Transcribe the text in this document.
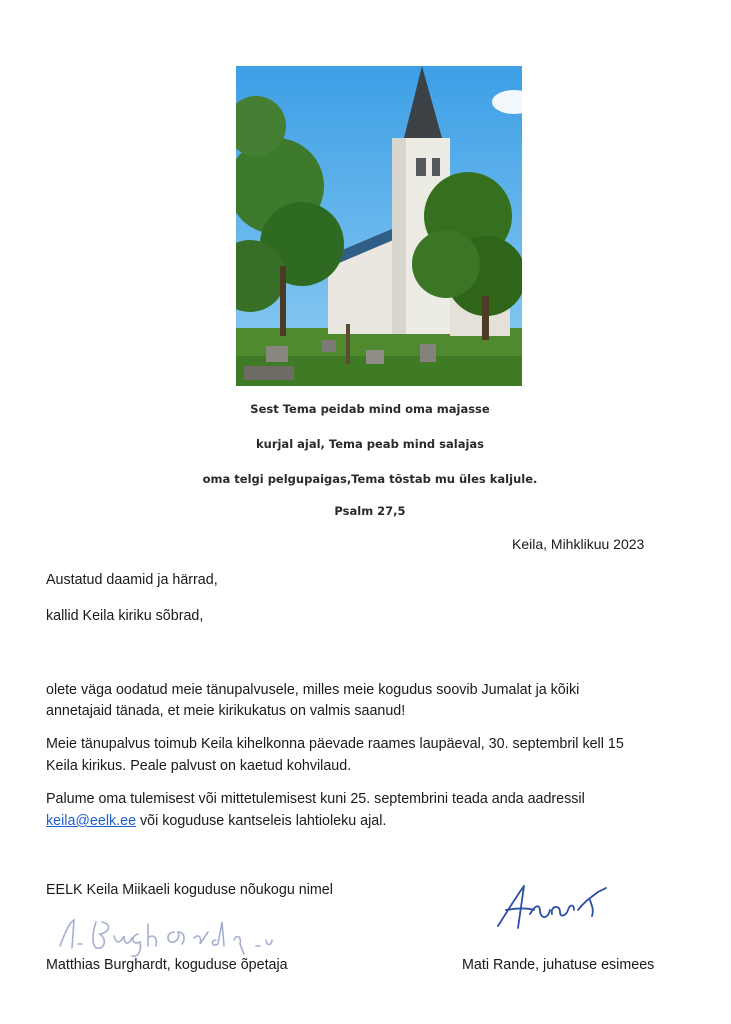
Sest Tema peidab mind oma majasse
kurjal ajal, Tema peab mind salajas
oma telgi pelgupaigas,Tema tõstab mu üles kaljule.
Psalm 27,5
Keila, Mihklikuu 2023
Austatud daamid ja härrad,
kallid Keila kiriku sõbrad,
olete väga oodatud meie tänupalvusele, milles meie kogudus soovib Jumalat ja kõiki
annetajaid tänada, et meie kirikukatus on valmis saanud!
Meie tänupalvus toimub Keila kihelkonna päevade raames laupäeval, 30. septembril kell 15
Keila kirikus. Peale palvust on kaetud kohvilaud.
Palume oma tulemisest või mittetulemisest kuni 25. septembrini teada anda aadressil
keila@eelk.ee või koguduse kantseleis lahtioleku ajal.
EELK Keila Miikaeli koguduse nõukogu nimel
Matthias Burghardt, koguduse õpetaja	Mati Rande, juhatuse esimees
